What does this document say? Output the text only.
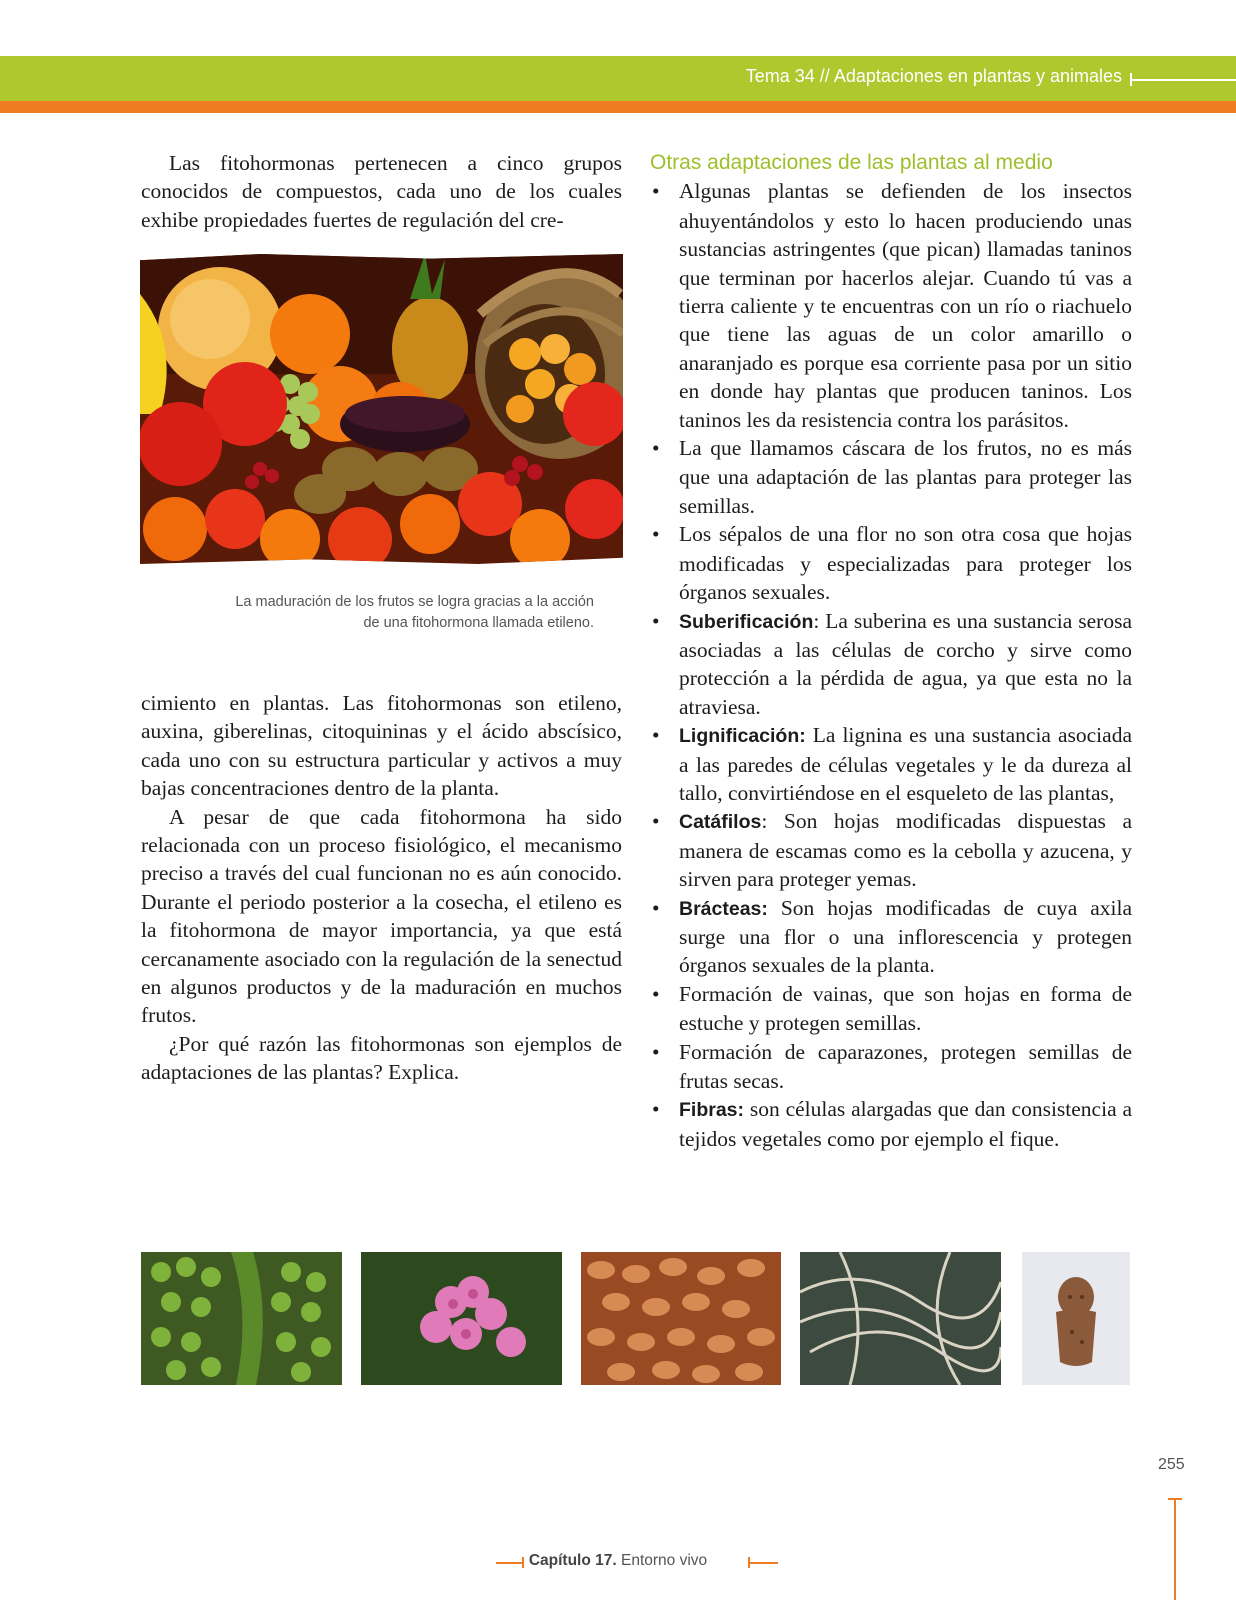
Tema 34 // Adaptaciones en plantas y animales

Las fitohormonas pertenecen a cinco grupos conocidos de compuestos, cada uno de los cuales exhibe propiedades fuertes de regulación del cre-

La maduración de los frutos se logra gracias a la acción
de una fitohormona llamada etileno.

cimiento en plantas. Las fitohormonas son etileno, auxina, giberelinas, citoquininas y el ácido abscísico, cada uno con su estructura particular y activos a muy bajas concentraciones dentro de la planta.

A pesar de que cada fitohormona ha sido relacionada con un proceso fisiológico, el mecanismo preciso a través del cual funcionan no es aún conocido. Durante el periodo posterior a la cosecha, el etileno es la fitohormona de mayor importancia, ya que está cercanamente asociado con la regulación de la senectud en algunos productos y de la maduración en muchos frutos.

¿Por qué razón las fitohormonas son ejemplos de adaptaciones de las plantas? Explica.

Otras adaptaciones de las plantas al medio
• Algunas plantas se defienden de los insectos ahuyentándolos y esto lo hacen produciendo unas sustancias astringentes (que pican) llamadas taninos que terminan por hacerlos alejar. Cuando tú vas a tierra caliente y te encuentras con un río o riachuelo que tiene las aguas de un color amarillo o anaranjado es porque esa corriente pasa por un sitio en donde hay plantas que producen taninos. Los taninos les da resistencia contra los parásitos.
• La que llamamos cáscara de los frutos, no es más que una adaptación de las plantas para proteger las semillas.
• Los sépalos de una flor no son otra cosa que hojas modificadas y especializadas para proteger los órganos sexuales.
• Suberificación: La suberina es una sustancia serosa asociadas a las células de corcho y sirve como protección a la pérdida de agua, ya que esta no la atraviesa.
• Lignificación: La lignina es una sustancia asociada a las paredes de células vegetales y le da dureza al tallo, convirtiéndose en el esqueleto de las plantas,
• Catáfilos: Son hojas modificadas dispuestas a manera de escamas como es la cebolla y azucena, y sirven para proteger yemas.
• Brácteas: Son hojas modificadas de cuya axila surge una flor o una inflorescencia y protegen órganos sexuales de la planta.
• Formación de vainas, que son hojas en forma de estuche y protegen semillas.
• Formación de caparazones, protegen semillas de frutas secas.
• Fibras: son células alargadas que dan consistencia a tejidos vegetales como por ejemplo el fique.
255
Capítulo 17. Entorno vivo
